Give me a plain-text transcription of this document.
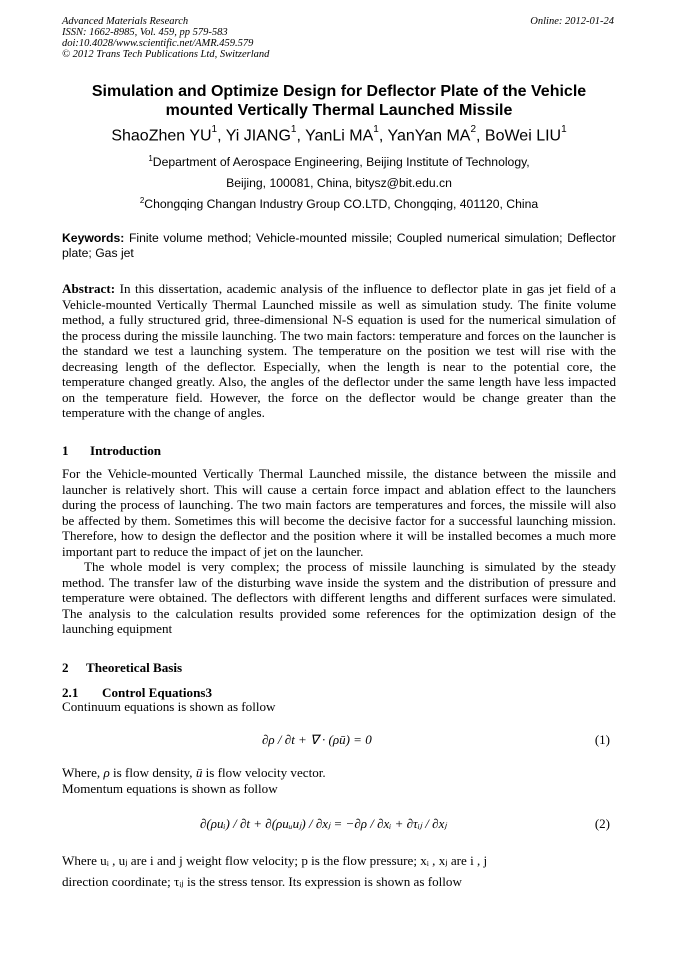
Advanced Materials Research
ISSN: 1662-8985, Vol. 459, pp 579-583
doi:10.4028/www.scientific.net/AMR.459.579
© 2012 Trans Tech Publications Ltd, Switzerland
Online: 2012-01-24
Simulation and Optimize Design for Deflector Plate of the Vehicle
mounted Vertically Thermal Launched Missile
ShaoZhen $YU^1$, Yi JIANG$^1$, YanLi $MA^1$, YanYan $MA^2$, BoWei LIU$^1$
$^1$Department of Aerospace Engineering, Beijing Institute of Technology,
Beijing, 100081, China, bitysz@bit.edu.cn
$^2$Chongqing Changan Industry Group CO.LTD, Chongqing, 401120, China
Keywords: Finite volume method; Vehicle-mounted missile; Coupled numerical simulation; Deflector plate; Gas jet
Abstract: In this dissertation, academic analysis of the influence to deflector plate in gas jet field of a Vehicle-mounted Vertically Thermal Launched missile as well as simulation study. The finite volume method, a fully structured grid, three-dimensional N-S equation is used for the numerical simulation of the process during the missile launching. The two main factors: temperature and forces on the launcher is the standard we test a launching system. The temperature on the position we test will rise with the decreasing length of the deflector. Especially, when the length is near to the potential core, the temperature changed greatly. Also, the angles of the deflector under the same length have less impacted on the temperature field. However, the force on the deflector would be change greater than the temperature with the change of angles.
1 Introduction
For the Vehicle-mounted Vertically Thermal Launched missile, the distance between the missile and launcher is relatively short. This will cause a certain force impact and ablation effect to the launchers during the process of launching. The two main factors are temperatures and forces, the missile will also be affected by them. Sometimes this will become the decisive factor for a successful launching mission. Therefore, how to design the deflector and the position where it will be installed becomes a much more important part to reduce the impact of jet on the launcher.
The whole model is very complex; the process of missile launching is simulated by the steady method. The transfer law of the disturbing wave inside the system and the distribution of pressure and temperature were obtained. The deflectors with different lengths and different surfaces were simulated. The analysis to the calculation results provided some references for the optimization design of the launching equipment
2 Theoretical Basis
2.1 Control Equations3
Continuum equations is shown as follow
∂ρ / ∂t + ∇ · (ρū) = 0	(1)
Where, ρ is flow density, ū is flow velocity vector.
Momentum equations is shown as follow
∂(ρuᵢ) / ∂t + ∂(ρuᵤuⱼ) / ∂xⱼ = −∂ρ / ∂xᵢ + ∂τᵢⱼ / ∂xⱼ	(2)
Where uᵢ , uⱼ are i and j weight flow velocity; p is the flow pressure; xᵢ , xⱼ are i , j
direction coordinate; τᵢⱼ is the stress tensor. Its expression is shown as follow
